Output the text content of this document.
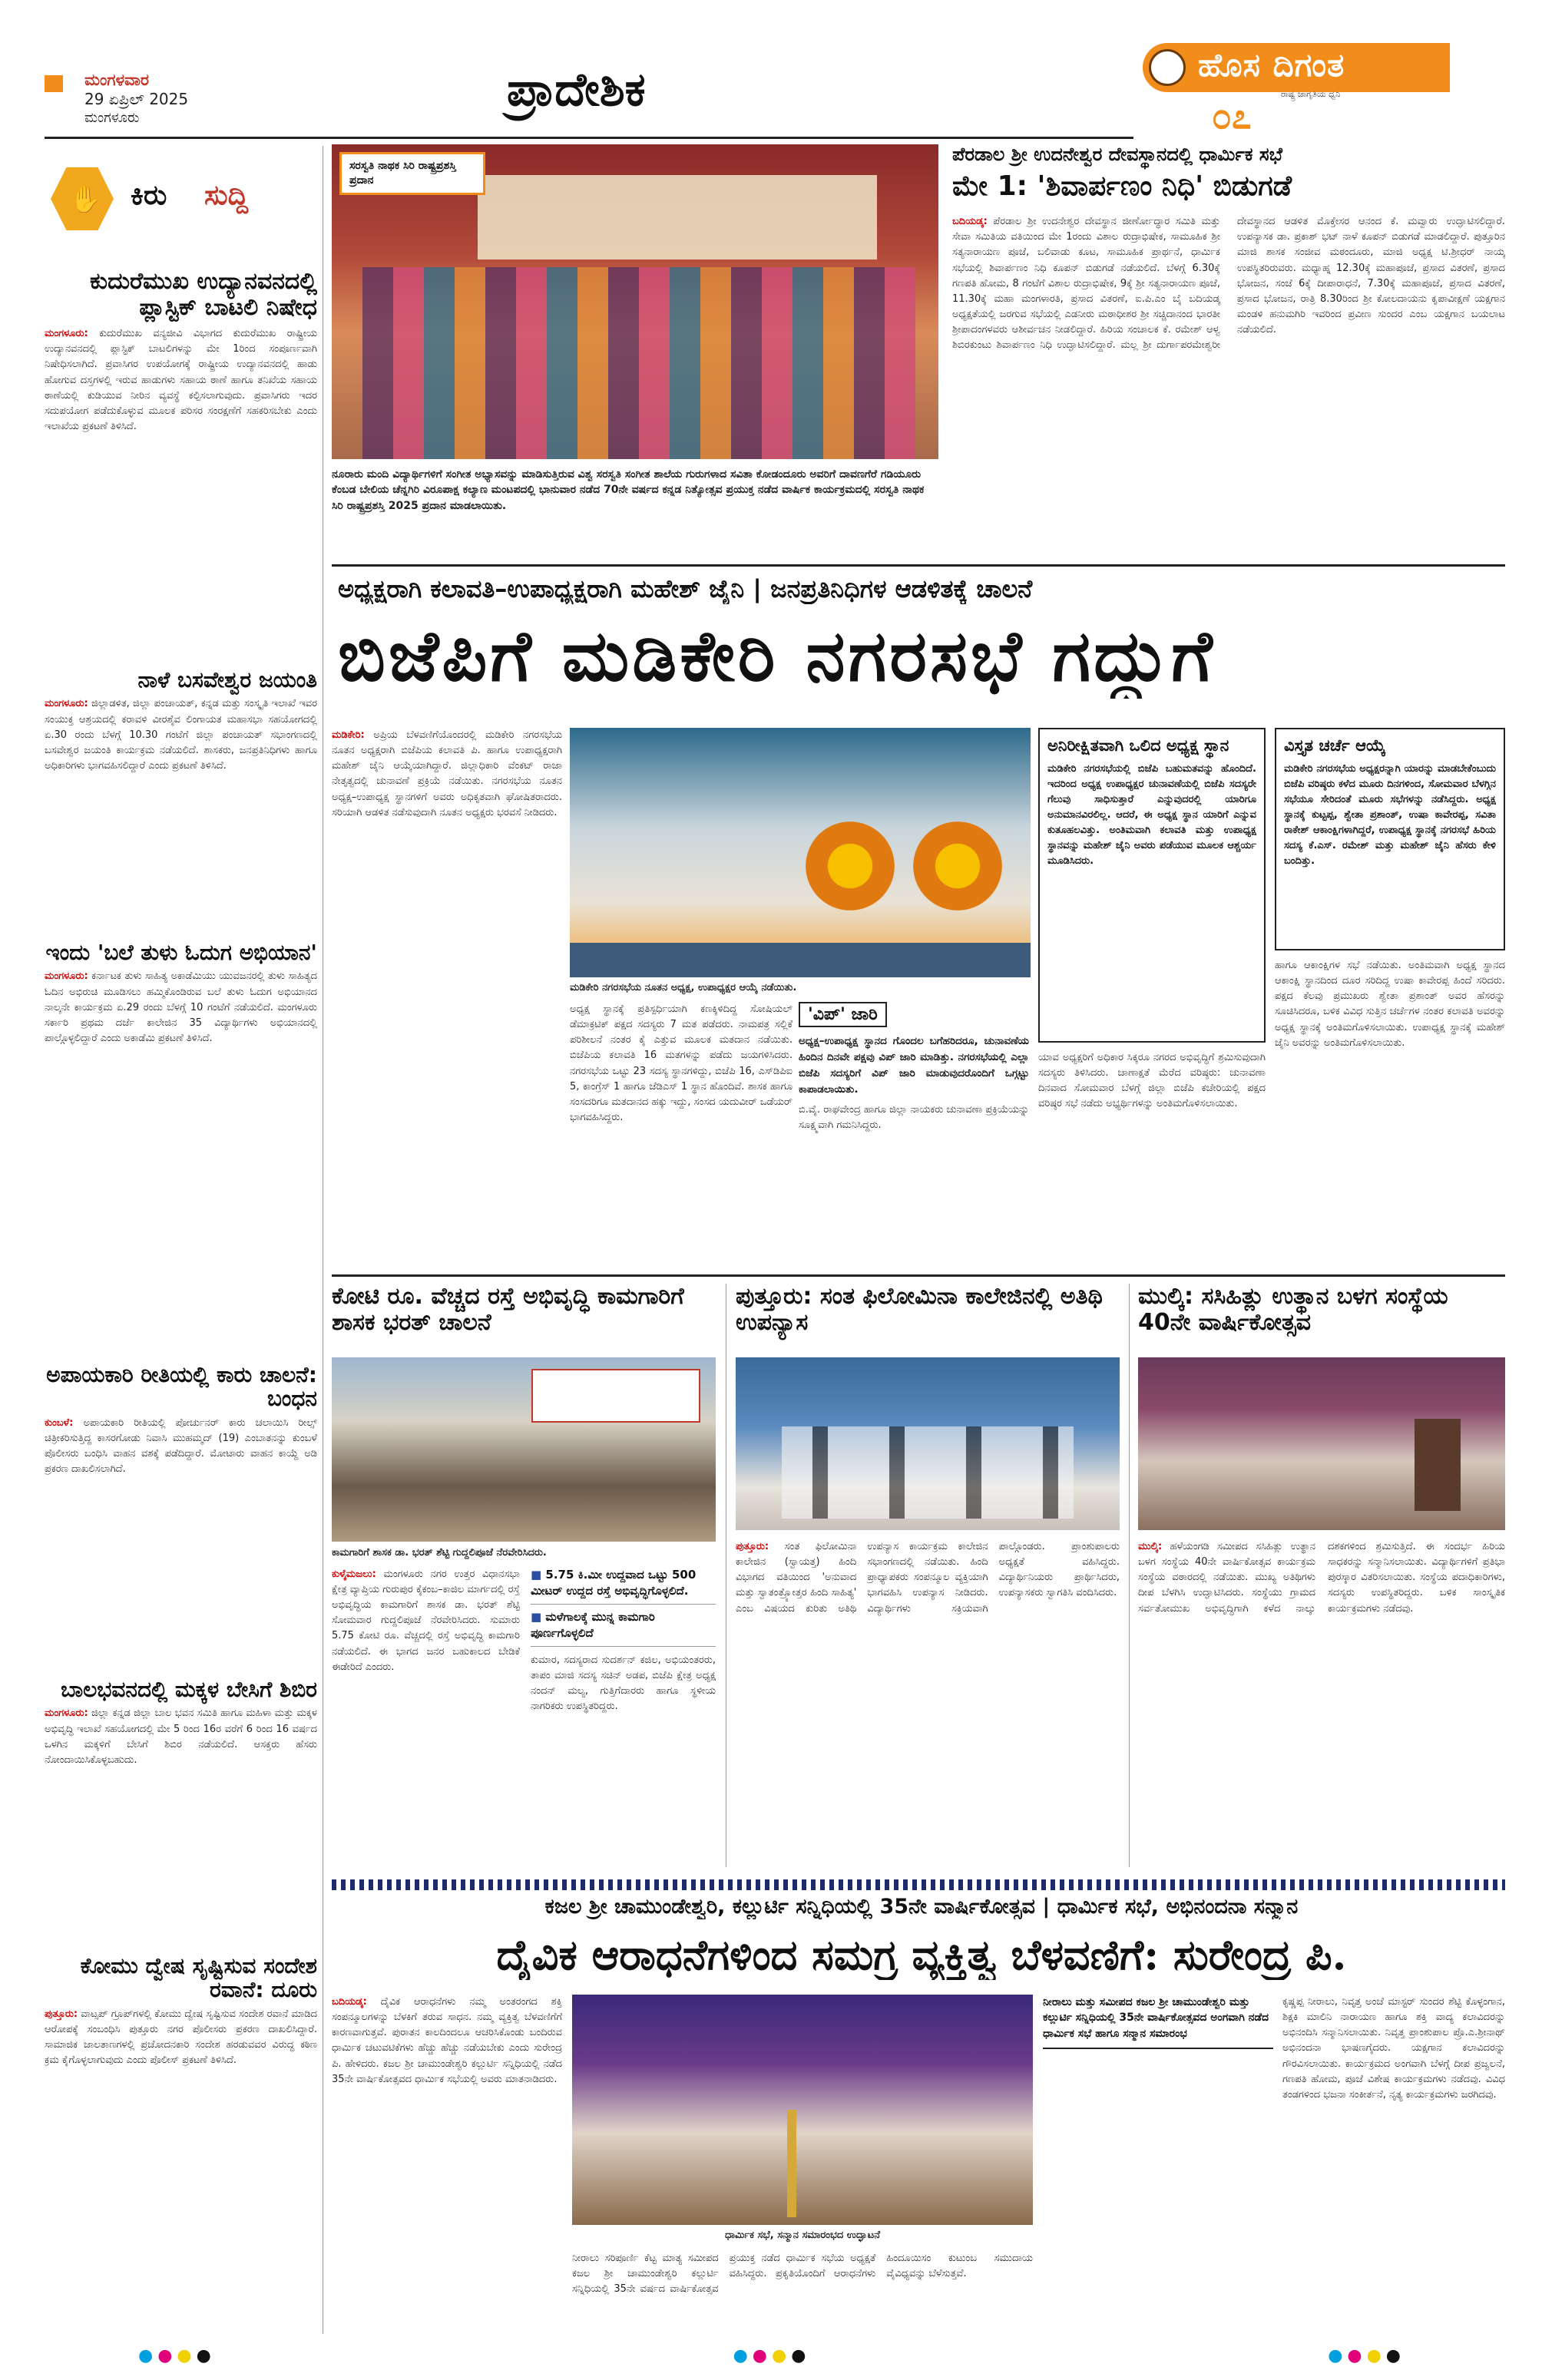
ಮಂಗಳವಾರ
29 ಏಪ್ರಿಲ್ 2025
ಮಂಗಳೂರು
ಪ್ರಾದೇಶಿಕ	ಹೊಸ ದಿಗಂತ
ರಾಷ್ಟ್ರ ಜಾಗೃತಿಯ ಧ್ವನಿ
೦೭
✋ ಕಿರು ಸುದ್ದಿ
ಕುದುರೆಮುಖ ಉದ್ಯಾನವನದಲ್ಲಿ ಪ್ಲಾಸ್ಟಿಕ್ ಬಾಟಲಿ ನಿಷೇಧ
ಮಂಗಳೂರು: ಕುದುರೆಮುಖ ವನ್ಯಜೀವಿ ವಿಭಾಗದ ಕುದುರೆಮುಖ ರಾಷ್ಟ್ರೀಯ ಉದ್ಯಾನವನದಲ್ಲಿ ಪ್ಲಾಸ್ಟಿಕ್ ಬಾಟಲಿಗಳನ್ನು ಮೇ 1ರಿಂದ ಸಂಪೂರ್ಣವಾಗಿ ನಿಷೇಧಿಸಲಾಗಿದೆ. ಪ್ರವಾಸಿಗರ ಉಪಯೋಗಕ್ಕೆ ರಾಷ್ಟ್ರೀಯ ಉದ್ಯಾನವನದಲ್ಲಿ ಹಾಡು ಹೋಗುವ ದಸ್ತಗಳಲ್ಲಿ ಇರುವ ಹಾಡುಗಳು ಸಹಾಯ ಠಾಣೆ ಹಾಗೂ ತನಿಖೆಯ ಸಹಾಯ ಠಾಣೆಯಲ್ಲಿ ಕುಡಿಯುವ ನೀರಿನ ವ್ಯವಸ್ಥೆ ಕಲ್ಪಿಸಲಾಗುವುದು. ಪ್ರವಾಸಿಗರು ಇದರ ಸದುಪಯೋಗ ಪಡೆದುಕೊಳ್ಳುವ ಮೂಲಕ ಪರಿಸರ ಸಂರಕ್ಷಣೆಗೆ ಸಹಕರಿಸಬೇಕು ಎಂದು ಇಲಾಖೆಯ ಪ್ರಕಟಣೆ ತಿಳಿಸಿದೆ.
ನಾಳೆ ಬಸವೇಶ್ವರ ಜಯಂತಿ
ಮಂಗಳೂರು: ಜಿಲ್ಲಾಡಳಿತ, ಜಿಲ್ಲಾ ಪಂಚಾಯತ್, ಕನ್ನಡ ಮತ್ತು ಸಂಸ್ಕೃತಿ ಇಲಾಖೆ ಇವರ ಸಂಯುಕ್ತ ಆಶ್ರಯದಲ್ಲಿ ಕರಾವಳಿ ವೀರಶೈವ ಲಿಂಗಾಯತ ಮಹಾಸಭಾ ಸಹಯೋಗದಲ್ಲಿ ಏ.30 ರಂದು ಬೆಳಗ್ಗೆ 10.30 ಗಂಟೆಗೆ ಜಿಲ್ಲಾ ಪಂಚಾಯತ್ ಸಭಾಂಗಣದಲ್ಲಿ ಬಸವೇಶ್ವರ ಜಯಂತಿ ಕಾರ್ಯಕ್ರಮ ನಡೆಯಲಿದೆ. ಶಾಸಕರು, ಜನಪ್ರತಿನಿಧಿಗಳು ಹಾಗೂ ಅಧಿಕಾರಿಗಳು ಭಾಗವಹಿಸಲಿದ್ದಾರೆ ಎಂದು ಪ್ರಕಟಣೆ ತಿಳಿಸಿದೆ.
ಇಂದು 'ಬಲೆ ತುಳು ಓದುಗ ಅಭಿಯಾನ'
ಮಂಗಳೂರು: ಕರ್ನಾಟಕ ತುಳು ಸಾಹಿತ್ಯ ಅಕಾಡೆಮಿಯು ಯುವಜನರಲ್ಲಿ ತುಳು ಸಾಹಿತ್ಯದ ಓದಿನ ಅಭಿರುಚಿ ಮೂಡಿಸಲು ಹಮ್ಮಿಕೊಂಡಿರುವ ಬಲೆ ತುಳು ಓದುಗ ಅಭಿಯಾನದ ನಾಲ್ಕನೇ ಕಾರ್ಯಕ್ರಮ ಏ.29 ರಂದು ಬೆಳಗ್ಗೆ 10 ಗಂಟೆಗೆ ನಡೆಯಲಿದೆ. ಮಂಗಳೂರು ಸರ್ಕಾರಿ ಪ್ರಥಮ ದರ್ಜೆ ಕಾಲೇಜಿನ 35 ವಿದ್ಯಾರ್ಥಿಗಳು ಅಭಿಯಾನದಲ್ಲಿ ಪಾಲ್ಗೊಳ್ಳಲಿದ್ದಾರೆ ಎಂದು ಅಕಾಡೆಮಿ ಪ್ರಕಟಣೆ ತಿಳಿಸಿದೆ.
ಅಪಾಯಕಾರಿ ರೀತಿಯಲ್ಲಿ ಕಾರು ಚಾಲನೆ: ಬಂಧನ
ಕುಂಬಳೆ: ಅಪಾಯಕಾರಿ ರೀತಿಯಲ್ಲಿ ಪೋರ್ಚುನರ್ ಕಾರು ಚಲಾಯಿಸಿ ರೀಲ್ಸ್ ಚಿತ್ರೀಕರಿಸುತ್ತಿದ್ದ ಕಾಸರಗೋಡು ನಿವಾಸಿ ಮುಹಮ್ಮದ್ (19) ಎಂಬಾತನನ್ನು ಕುಂಬಳೆ ಪೊಲೀಸರು ಬಂಧಿಸಿ ವಾಹನ ವಶಕ್ಕೆ ಪಡೆದಿದ್ದಾರೆ. ಮೋಟಾರು ವಾಹನ ಕಾಯ್ದೆ ಅಡಿ ಪ್ರಕರಣ ದಾಖಲಿಸಲಾಗಿದೆ.
ಬಾಲಭವನದಲ್ಲಿ ಮಕ್ಕಳ ಬೇಸಿಗೆ ಶಿಬಿರ
ಮಂಗಳೂರು: ಜಿಲ್ಲಾ ಕನ್ನಡ ಜಿಲ್ಲಾ ಬಾಲ ಭವನ ಸಮಿತಿ ಹಾಗೂ ಮಹಿಳಾ ಮತ್ತು ಮಕ್ಕಳ ಅಭಿವೃದ್ಧಿ ಇಲಾಖೆ ಸಹಯೋಗದಲ್ಲಿ ಮೇ 5 ರಿಂದ 16ರ ವರೆಗೆ 6 ರಿಂದ 16 ವರ್ಷದ ಒಳಗಿನ ಮಕ್ಕಳಿಗೆ ಬೇಸಿಗೆ ಶಿಬಿರ ನಡೆಯಲಿದೆ. ಆಸಕ್ತರು ಹೆಸರು ನೋಂದಾಯಿಸಿಕೊಳ್ಳಬಹುದು.
ಕೋಮು ದ್ವೇಷ ಸೃಷ್ಟಿಸುವ ಸಂದೇಶ ರವಾನೆ: ದೂರು
ಪುತ್ತೂರು: ವಾಟ್ಸಪ್ ಗ್ರೂಪ್‌ಗಳಲ್ಲಿ ಕೋಮು ದ್ವೇಷ ಸೃಷ್ಟಿಸುವ ಸಂದೇಶ ರವಾನೆ ಮಾಡಿದ ಆರೋಪಕ್ಕೆ ಸಂಬಂಧಿಸಿ ಪುತ್ತೂರು ನಗರ ಪೊಲೀಸರು ಪ್ರಕರಣ ದಾಖಲಿಸಿದ್ದಾರೆ. ಸಾಮಾಜಿಕ ಜಾಲತಾಣಗಳಲ್ಲಿ ಪ್ರಚೋದನಕಾರಿ ಸಂದೇಶ ಹರಡುವವರ ವಿರುದ್ಧ ಕಠಿಣ ಕ್ರಮ ಕೈಗೊಳ್ಳಲಾಗುವುದು ಎಂದು ಪೊಲೀಸ್ ಪ್ರಕಟಣೆ ತಿಳಿಸಿದೆ.
ಸರಸ್ವತಿ ನಾಥಕ ಸಿರಿ ರಾಷ್ಟ್ರಪ್ರಶಸ್ತಿ ಪ್ರದಾನ
ನೂರಾರು ಮಂದಿ ವಿದ್ಯಾರ್ಥಿಗಳಿಗೆ ಸಂಗೀತ ಅಭ್ಯಾಸವನ್ನು ಮಾಡಿಸುತ್ತಿರುವ ವಿಶ್ವ ಸರಸ್ವತಿ ಸಂಗೀತ ಶಾಲೆಯ ಗುರುಗಳಾದ ಸವಿತಾ ಕೋಡಂದೂರು ಅವರಿಗೆ ದಾವಣಗೆರೆ ಗಡಿಯೂರು ಕೆಂಬಡ ಬೇಲಿಯ ಚೆನ್ನಗಿರಿ ವಿರೂಪಾಕ್ಷ ಕಲ್ಯಾಣ ಮಂಟಪದಲ್ಲಿ ಭಾನುವಾರ ನಡೆದ 70ನೇ ವರ್ಷದ ಕನ್ನಡ ನಿತ್ಯೋತ್ಸವ ಪ್ರಯುಕ್ತ ನಡೆದ ವಾರ್ಷಿಕ ಕಾರ್ಯಕ್ರಮದಲ್ಲಿ ಸರಸ್ವತಿ ನಾಥಕ ಸಿರಿ ರಾಷ್ಟ್ರಪ್ರಶಸ್ತಿ 2025 ಪ್ರದಾನ ಮಾಡಲಾಯಿತು.
ಪೆರಡಾಲ ಶ್ರೀ ಉದನೇಶ್ವರ ದೇವಸ್ಥಾನದಲ್ಲಿ ಧಾರ್ಮಿಕ ಸಭೆ
ಮೇ 1: 'ಶಿವಾರ್ಪಣಂ ನಿಧಿ' ಬಿಡುಗಡೆ
ಬದಿಯಡ್ಕ: ಪೆರಡಾಲ ಶ್ರೀ ಉದನೇಶ್ವರ ದೇವಸ್ಥಾನ ಜೀರ್ಣೋದ್ಧಾರ ಸಮಿತಿ ಮತ್ತು ಸೇವಾ ಸಮಿತಿಯ ವತಿಯಿಂದ ಮೇ 1ರಂದು ವಿಶಾಲ ರುದ್ರಾಭಿಷೇಕ, ಸಾಮೂಹಿಕ ಶ್ರೀ ಸತ್ಯನಾರಾಯಣ ಪೂಜೆ, ಬಲಿವಾಡು ಕೂಟ, ಸಾಮೂಹಿಕ ಪ್ರಾರ್ಥನೆ, ಧಾರ್ಮಿಕ ಸಭೆಯಲ್ಲಿ ಶಿವಾರ್ಪಣಂ ನಿಧಿ ಕೂಪನ್ ಬಿಡುಗಡೆ ನಡೆಯಲಿದೆ. ಬೆಳಗ್ಗೆ 6.30ಕ್ಕೆ ಗಣಪತಿ ಹೋಮ, 8 ಗಂಟೆಗೆ ವಿಶಾಲ ರುದ್ರಾಭಿಷೇಕ, 9ಕ್ಕೆ ಶ್ರೀ ಸತ್ಯನಾರಾಯಣ ಪೂಜೆ, 11.30ಕ್ಕೆ ಮಹಾ ಮಂಗಳಾರತಿ, ಪ್ರಸಾದ ವಿತರಣೆ, ಐ.ಪಿ.ಎಂ ಬೈ ಬದಿಯಡ್ಕ ಅಧ್ಯಕ್ಷತೆಯಲ್ಲಿ ಜರಗುವ ಸಭೆಯಲ್ಲಿ ಎಡನೀರು ಮಠಾಧೀಶರ ಶ್ರೀ ಸಚ್ಚಿದಾನಂದ ಭಾರತೀ ಶ್ರೀಪಾದಂಗಳವರು ಆಶೀರ್ವಚನ ನೀಡಲಿದ್ದಾರೆ. ಹಿರಿಯ ಸಂಚಾಲಕ ಕೆ. ರಮೇಶ್ ಆಳ್ವ ಶಿಬಿರಕುಂಟು ಶಿವಾರ್ಪಣಂ ನಿಧಿ ಉದ್ಘಾಟಿಸಲಿದ್ದಾರೆ. ಮಲ್ಲ ಶ್ರೀ ದುರ್ಗಾಪರಮೇಶ್ವರೀ ದೇವಸ್ಥಾನದ ಆಡಳಿತ ಮೊಕ್ತೇಸರ ಆನಂದ ಕೆ. ಮವ್ವಾರು ಉದ್ಘಾಟಿಸಲಿದ್ದಾರೆ. ಉಪನ್ಯಾಸಕ ಡಾ. ಪ್ರಕಾಶ್ ಭಟ್ ನಾಳೆ ಕೂಪನ್ ಬಿಡುಗಡೆ ಮಾಡಲಿದ್ದಾರೆ. ಪುತ್ತೂರಿನ ಮಾಜಿ ಶಾಸಕ ಸಂಜೀವ ಮಠಂದೂರು, ಮಾಜಿ ಅಧ್ಯಕ್ಷ ಟಿ.ಶ್ರೀಧರ್ ನಾಯ್ಕ ಉಪಸ್ಥಿತರಿರುವರು. ಮಧ್ಯಾಹ್ನ 12.30ಕ್ಕೆ ಮಹಾಪೂಜೆ, ಪ್ರಸಾದ ವಿತರಣೆ, ಪ್ರಸಾದ ಭೋಜನ, ಸಂಜೆ 6ಕ್ಕೆ ದೀಪಾರಾಧನೆ, 7.30ಕ್ಕೆ ಮಹಾಪೂಜೆ, ಪ್ರಸಾದ ವಿತರಣೆ, ಪ್ರಸಾದ ಭೋಜನ, ರಾತ್ರಿ 8.30ರಿಂದ ಶ್ರೀ ಕೋಲದಾಯನು ಕೃಪಾವೀಕ್ಷಣೆ ಯಕ್ಷಗಾನ ಮಂಡಳಿ ಹನುಮಗಿರಿ ಇವರಿಂದ ಪ್ರವೀಣ ಸುಂದರ ಎಂಬ ಯಕ್ಷಗಾನ ಬಯಲಾಟ ನಡೆಯಲಿದೆ.
ಅಧ್ಯಕ್ಷರಾಗಿ ಕಲಾವತಿ–ಉಪಾಧ್ಯಕ್ಷರಾಗಿ ಮಹೇಶ್ ಜೈನಿ | ಜನಪ್ರತಿನಿಧಿಗಳ ಆಡಳಿತಕ್ಕೆ ಚಾಲನೆ
ಬಿಜೆಪಿಗೆ ಮಡಿಕೇರಿ ನಗರಸಭೆ ಗದ್ದುಗೆ
ಮಡಿಕೇರಿ: ಅಪ್ರಿಯ ಬೆಳವಣಿಗೆಯೊಂದರಲ್ಲಿ ಮಡಿಕೇರಿ ನಗರಸಭೆಯ ನೂತನ ಅಧ್ಯಕ್ಷರಾಗಿ ಬಿಜೆಪಿಯ ಕಲಾವತಿ ಪಿ. ಹಾಗೂ ಉಪಾಧ್ಯಕ್ಷರಾಗಿ ಮಹೇಶ್ ಜೈನಿ ಆಯ್ಕೆಯಾಗಿದ್ದಾರೆ. ಜಿಲ್ಲಾಧಿಕಾರಿ ವೆಂಕಟ್ ರಾಜಾ ನೇತೃತ್ವದಲ್ಲಿ ಚುನಾವಣೆ ಪ್ರಕ್ರಿಯೆ ನಡೆಯಿತು. ನಗರಸಭೆಯ ನೂತನ ಅಧ್ಯಕ್ಷ–ಉಪಾಧ್ಯಕ್ಷ ಸ್ಥಾನಗಳಿಗೆ ಅವರು ಅಧಿಕೃತವಾಗಿ ಘೋಷಿತರಾದರು. ಸರಿಯಾಗಿ ಆಡಳಿತ ನಡೆಸುವುದಾಗಿ ನೂತನ ಅಧ್ಯಕ್ಷರು ಭರವಸೆ ನೀಡಿದರು.
ಮಡಿಕೇರಿ ನಗರಸಭೆಯ ನೂತನ ಅಧ್ಯಕ್ಷ, ಉಪಾಧ್ಯಕ್ಷರ ಆಯ್ಕೆ ನಡೆಯಿತು.
ಅಧ್ಯಕ್ಷ ಸ್ಥಾನಕ್ಕೆ ಪ್ರತಿಸ್ಪರ್ಧಿಯಾಗಿ ಕಣಕ್ಕಿಳಿದಿದ್ದ ಸೋಷಿಯಲ್ ಡೆಮಾಕ್ರಟಿಕ್ ಪಕ್ಷದ ಸದಸ್ಯರು 7 ಮತ ಪಡೆದರು. ನಾಮಪತ್ರ ಸಲ್ಲಿಕೆ ಪರಿಶೀಲನೆ ನಂತರ ಕೈ ಎತ್ತುವ ಮೂಲಕ ಮತದಾನ ನಡೆಯಿತು. ಬಿಜೆಪಿಯ ಕಲಾವತಿ 16 ಮತಗಳನ್ನು ಪಡೆದು ಜಯಗಳಿಸಿದರು. ನಗರಸಭೆಯ ಒಟ್ಟು 23 ಸದಸ್ಯ ಸ್ಥಾನಗಳಿದ್ದು, ಬಿಜೆಪಿ 16, ಎಸ್‌ಡಿಪಿಐ 5, ಕಾಂಗ್ರೆಸ್ 1 ಹಾಗೂ ಜೆಡಿಎಸ್ 1 ಸ್ಥಾನ ಹೊಂದಿವೆ. ಶಾಸಕ ಹಾಗೂ ಸಂಸದರಿಗೂ ಮತದಾನದ ಹಕ್ಕು ಇದ್ದು, ಸಂಸದ ಯದುವೀರ್ ಒಡೆಯರ್ ಭಾಗವಹಿಸಿದ್ದರು.
'ವಿಪ್' ಜಾರಿ
ಅಧ್ಯಕ್ಷ–ಉಪಾಧ್ಯಕ್ಷ ಸ್ಥಾನದ ಗೊಂದಲ ಬಗೆಹರಿದರೂ, ಚುನಾವಣೆಯ ಹಿಂದಿನ ದಿನವೇ ಪಕ್ಷವು ವಿಪ್ ಜಾರಿ ಮಾಡಿತ್ತು. ನಗರಸಭೆಯಲ್ಲಿ ಎಲ್ಲಾ ಬಿಜೆಪಿ ಸದಸ್ಯರಿಗೆ ವಿಪ್ ಜಾರಿ ಮಾಡುವುದರೊಂದಿಗೆ ಒಗ್ಗಟ್ಟು ಕಾಪಾಡಲಾಯಿತು.
ಬಿ.ವೈ. ರಾಘವೇಂದ್ರ ಹಾಗೂ ಜಿಲ್ಲಾ ನಾಯಕರು ಚುನಾವಣಾ ಪ್ರಕ್ರಿಯೆಯನ್ನು ಸೂಕ್ಷ್ಮವಾಗಿ ಗಮನಿಸಿದ್ದರು.
ಅನಿರೀಕ್ಷಿತವಾಗಿ ಒಲಿದ ಅಧ್ಯಕ್ಷ ಸ್ಥಾನ
ಮಡಿಕೇರಿ ನಗರಸಭೆಯಲ್ಲಿ ಬಿಜೆಪಿ ಬಹುಮತವನ್ನು ಹೊಂದಿದೆ. ಇದರಿಂದ ಅಧ್ಯಕ್ಷ ಉಪಾಧ್ಯಕ್ಷರ ಚುನಾವಣೆಯಲ್ಲಿ ಬಿಜೆಪಿ ಸದಸ್ಯರೇ ಗೆಲುವು ಸಾಧಿಸುತ್ತಾರೆ ಎನ್ನುವುದರಲ್ಲಿ ಯಾರಿಗೂ ಅನುಮಾನವಿರಲಿಲ್ಲ. ಆದರೆ, ಈ ಅಧ್ಯಕ್ಷ ಸ್ಥಾನ ಯಾರಿಗೆ ಎನ್ನುವ ಕುತೂಹಲವಿತ್ತು. ಅಂತಿಮವಾಗಿ ಕಲಾವತಿ ಮತ್ತು ಉಪಾಧ್ಯಕ್ಷ ಸ್ಥಾನವನ್ನು ಮಹೇಶ್ ಜೈನಿ ಅವರು ಪಡೆಯುವ ಮೂಲಕ ಆಶ್ಚರ್ಯ ಮೂಡಿಸಿದರು.
ಯಾವ ಅಧ್ಯಕ್ಷರಿಗೆ ಅಧಿಕಾರ ಸಿಕ್ಕರೂ ನಗರದ ಅಭಿವೃದ್ಧಿಗೆ ಶ್ರಮಿಸುವುದಾಗಿ ಸದಸ್ಯರು ತಿಳಿಸಿದರು. ಚಾಣಾಕ್ಷತೆ ಮೆರೆದ ವರಿಷ್ಠರು: ಚುನಾವಣಾ ದಿನವಾದ ಸೋಮವಾರ ಬೆಳಗ್ಗೆ ಜಿಲ್ಲಾ ಬಿಜೆಪಿ ಕಚೇರಿಯಲ್ಲಿ ಪಕ್ಷದ ವರಿಷ್ಠರ ಸಭೆ ನಡೆದು ಅಭ್ಯರ್ಥಿಗಳನ್ನು ಅಂತಿಮಗೊಳಿಸಲಾಯಿತು.
ವಿಸ್ತೃತ ಚರ್ಚೆ ಆಯ್ಕೆ
ಮಡಿಕೇರಿ ನಗರಸಭೆಯ ಅಧ್ಯಕ್ಷರನ್ನಾಗಿ ಯಾರನ್ನು ಮಾಡಬೇಕೆಂಬುದು ಬಿಜೆಪಿ ವರಿಷ್ಠರು ಕಳೆದ ಮೂರು ದಿನಗಳಿಂದ, ಸೋಮವಾರ ಬೆಳಗ್ಗಿನ ಸಭೆಯೂ ಸೇರಿದಂತೆ ಮೂರು ಸಭೆಗಳನ್ನು ನಡೆಸಿದ್ದರು. ಅಧ್ಯಕ್ಷ ಸ್ಥಾನಕ್ಕೆ ಕುಟ್ಟಪ್ಪ, ಶ್ವೇತಾ ಪ್ರಶಾಂತ್, ಉಷಾ ಕಾವೇರಪ್ಪ, ಸವಿತಾ ರಾಕೇಶ್ ಆಕಾಂಕ್ಷಿಗಳಾಗಿದ್ದರೆ, ಉಪಾಧ್ಯಕ್ಷ ಸ್ಥಾನಕ್ಕೆ ನಗರಸಭೆ ಹಿರಿಯ ಸದಸ್ಯ ಕೆ.ಎಸ್. ರಮೇಶ್ ಮತ್ತು ಮಹೇಶ್ ಜೈನಿ ಹೆಸರು ಕೇಳಿ ಬಂದಿತ್ತು.
ಹಾಗೂ ಆಕಾಂಕ್ಷಿಗಳ ಸಭೆ ನಡೆಯಿತು. ಅಂತಿಮವಾಗಿ ಅಧ್ಯಕ್ಷ ಸ್ಥಾನದ ಆಕಾಂಕ್ಷಿ ಸ್ಥಾನದಿಂದ ದೂರ ಸರಿದಿದ್ದ ಉಷಾ ಕಾವೇರಪ್ಪ ಹಿಂದೆ ಸರಿದರು. ಪಕ್ಷದ ಕೆಲವು ಪ್ರಮುಖರು ಶ್ವೇತಾ ಪ್ರಶಾಂತ್ ಅವರ ಹೆಸರನ್ನು ಸೂಚಿಸಿದರೂ, ಬಳಿಕ ವಿವಿಧ ಸುತ್ತಿನ ಚರ್ಚೆಗಳ ನಂತರ ಕಲಾವತಿ ಅವರನ್ನು ಅಧ್ಯಕ್ಷ ಸ್ಥಾನಕ್ಕೆ ಅಂತಿಮಗೊಳಿಸಲಾಯಿತು. ಉಪಾಧ್ಯಕ್ಷ ಸ್ಥಾನಕ್ಕೆ ಮಹೇಶ್ ಜೈನಿ ಅವರನ್ನು ಅಂತಿಮಗೊಳಿಸಲಾಯಿತು.
ಕೋಟಿ ರೂ. ವೆಚ್ಚದ ರಸ್ತೆ ಅಭಿವೃದ್ಧಿ ಕಾಮಗಾರಿಗೆ ಶಾಸಕ ಭರತ್ ಚಾಲನೆ
ಕಾಮಗಾರಿಗೆ ಶಾಸಕ ಡಾ. ಭರತ್ ಶೆಟ್ಟಿ ಗುದ್ದಲಿಪೂಜೆ ನೆರವೇರಿಸಿದರು.
ಕುಳೈಮಜಲು: ಮಂಗಳೂರು ನಗರ ಉತ್ತರ ವಿಧಾನಸಭಾ ಕ್ಷೇತ್ರ ವ್ಯಾಪ್ತಿಯ ಗುರುಪುರ ಕೈಕಂಬ–ಕಾಜಿಲ ಮಾರ್ಗದಲ್ಲಿ ರಸ್ತೆ ಅಭಿವೃದ್ಧಿಯ ಕಾಮಗಾರಿಗೆ ಶಾಸಕ ಡಾ. ಭರತ್ ಶೆಟ್ಟಿ ಸೋಮವಾರ ಗುದ್ದಲಿಪೂಜೆ ನೆರವೇರಿಸಿದರು. ಸುಮಾರು 5.75 ಕೋಟಿ ರೂ. ವೆಚ್ಚದಲ್ಲಿ ರಸ್ತೆ ಅಭಿವೃದ್ಧಿ ಕಾಮಗಾರಿ ನಡೆಯಲಿದೆ. ಈ ಭಾಗದ ಜನರ ಬಹುಕಾಲದ ಬೇಡಿಕೆ ಈಡೇರಿದೆ ಎಂದರು.
■ 5.75 ಕಿ.ಮೀ ಉದ್ದವಾದ ಒಟ್ಟು 500 ಮೀಟರ್ ಉದ್ದದ ರಸ್ತೆ ಅಭಿವೃದ್ಧಿಗೊಳ್ಳಲಿದೆ.
■ ಮಳೆಗಾಲಕ್ಕೆ ಮುನ್ನ ಕಾಮಗಾರಿ ಪೂರ್ಣಗೊಳ್ಳಲಿದೆ
ಕುಮಾರ, ಸದಸ್ಯರಾದ ಸುದರ್ಶನ್ ಕಜಿಲ, ಅಭಿಯಂತರರು, ತಾಪಂ ಮಾಜಿ ಸದಸ್ಯ ಸಚಿನ್ ಅಡಪ, ಬಿಜೆಪಿ ಕ್ಷೇತ್ರ ಅಧ್ಯಕ್ಷ ನಂದನ್ ಮಲ್ಯ, ಗುತ್ತಿಗೆದಾರರು ಹಾಗೂ ಸ್ಥಳೀಯ ನಾಗರಿಕರು ಉಪಸ್ಥಿತರಿದ್ದರು.
ಪುತ್ತೂರು: ಸಂತ ಫಿಲೋಮಿನಾ ಕಾಲೇಜಿನಲ್ಲಿ ಅತಿಥಿ ಉಪನ್ಯಾಸ
ಪುತ್ತೂರು: ಸಂತ ಫಿಲೋಮಿನಾ ಕಾಲೇಜಿನ (ಸ್ವಾಯತ್ತ) ಹಿಂದಿ ವಿಭಾಗದ ವತಿಯಿಂದ 'ಅನುವಾದ ಮತ್ತು ಸ್ವಾತಂತ್ರ್ಯೋತ್ತರ ಹಿಂದಿ ಸಾಹಿತ್ಯ' ಎಂಬ ವಿಷಯದ ಕುರಿತು ಅತಿಥಿ ಉಪನ್ಯಾಸ ಕಾರ್ಯಕ್ರಮ ಕಾಲೇಜಿನ ಸಭಾಂಗಣದಲ್ಲಿ ನಡೆಯಿತು. ಹಿಂದಿ ಪ್ರಾಧ್ಯಾಪಕರು ಸಂಪನ್ಮೂಲ ವ್ಯಕ್ತಿಯಾಗಿ ಭಾಗವಹಿಸಿ ಉಪನ್ಯಾಸ ನೀಡಿದರು. ವಿದ್ಯಾರ್ಥಿಗಳು ಸಕ್ರಿಯವಾಗಿ ಪಾಲ್ಗೊಂಡರು. ಪ್ರಾಂಶುಪಾಲರು ಅಧ್ಯಕ್ಷತೆ ವಹಿಸಿದ್ದರು. ವಿದ್ಯಾರ್ಥಿನಿಯರು ಪ್ರಾರ್ಥಿಸಿದರು, ಉಪನ್ಯಾಸಕರು ಸ್ವಾಗತಿಸಿ ವಂದಿಸಿದರು.
ಮುಲ್ಕಿ: ಸಸಿಹಿತ್ಲು ಉತ್ಥಾನ ಬಳಗ ಸಂಸ್ಥೆಯ 40ನೇ ವಾರ್ಷಿಕೋತ್ಸವ
ಮುಲ್ಕಿ: ಹಳೆಯಂಗಡಿ ಸಮೀಪದ ಸಸಿಹಿತ್ಲು ಉತ್ಥಾನ ಬಳಗ ಸಂಸ್ಥೆಯ 40ನೇ ವಾರ್ಷಿಕೋತ್ಸವ ಕಾರ್ಯಕ್ರಮ ಸಂಸ್ಥೆಯ ವಠಾರದಲ್ಲಿ ನಡೆಯಿತು. ಮುಖ್ಯ ಅತಿಥಿಗಳು ದೀಪ ಬೆಳಗಿಸಿ ಉದ್ಘಾಟಿಸಿದರು. ಸಂಸ್ಥೆಯು ಗ್ರಾಮದ ಸರ್ವತೋಮುಖ ಅಭಿವೃದ್ಧಿಗಾಗಿ ಕಳೆದ ನಾಲ್ಕು ದಶಕಗಳಿಂದ ಶ್ರಮಿಸುತ್ತಿದೆ. ಈ ಸಂದರ್ಭ ಹಿರಿಯ ಸಾಧಕರನ್ನು ಸನ್ಮಾನಿಸಲಾಯಿತು. ವಿದ್ಯಾರ್ಥಿಗಳಿಗೆ ಪ್ರತಿಭಾ ಪುರಸ್ಕಾರ ವಿತರಿಸಲಾಯಿತು. ಸಂಸ್ಥೆಯ ಪದಾಧಿಕಾರಿಗಳು, ಸದಸ್ಯರು ಉಪಸ್ಥಿತರಿದ್ದರು. ಬಳಿಕ ಸಾಂಸ್ಕೃತಿಕ ಕಾರ್ಯಕ್ರಮಗಳು ನಡೆದವು.
ಕಜಲ ಶ್ರೀ ಚಾಮುಂಡೇಶ್ವರಿ, ಕಲ್ಲುರ್ಟಿ ಸನ್ನಿಧಿಯಲ್ಲಿ 35ನೇ ವಾರ್ಷಿಕೋತ್ಸವ | ಧಾರ್ಮಿಕ ಸಭೆ, ಅಭಿನಂದನಾ ಸನ್ಮಾನ
ದೈವಿಕ ಆರಾಧನೆಗಳಿಂದ ಸಮಗ್ರ ವ್ಯಕ್ತಿತ್ವ ಬೆಳವಣಿಗೆ: ಸುರೇಂದ್ರ ಪಿ.
ಬದಿಯಡ್ಕ: ದೈವಿಕ ಆರಾಧನೆಗಳು ನಮ್ಮ ಅಂತರಂಗದ ಶಕ್ತಿ ಸಂಪನ್ಮೂಲಗಳನ್ನು ಬೆಳಕಿಗೆ ತರುವ ಸಾಧನ. ನಮ್ಮ ವ್ಯಕ್ತಿತ್ವ ಬೆಳವಣಿಗೆಗೆ ಕಾರಣವಾಗುತ್ತವೆ. ಪುರಾತನ ಕಾಲದಿಂದಲೂ ಆಚರಿಸಿಕೊಂಡು ಬಂದಿರುವ ಧಾರ್ಮಿಕ ಚಟುವಟಿಕೆಗಳು ಹೆಚ್ಚು ಹೆಚ್ಚು ನಡೆಯಬೇಕು ಎಂದು ಸುರೇಂದ್ರ ಪಿ. ಹೇಳಿದರು. ಕಜಲ ಶ್ರೀ ಚಾಮುಂಡೇಶ್ವರಿ ಕಲ್ಲುರ್ಟಿ ಸನ್ನಿಧಿಯಲ್ಲಿ ನಡೆದ 35ನೇ ವಾರ್ಷಿಕೋತ್ಸವದ ಧಾರ್ಮಿಕ ಸಭೆಯಲ್ಲಿ ಅವರು ಮಾತನಾಡಿದರು.
ಧಾರ್ಮಿಕ ಸಭೆ, ಸನ್ಮಾನ ಸಮಾರಂಭದ ಉದ್ಘಾಟನೆ
ನೀರಾಲು ಸರಿಪೂರ್ಣಿ ಕೆಟ್ಟ ಮಾತ್ಯ ಸಮೀಪದ ಕಜಲ ಶ್ರೀ ಚಾಮುಂಡೇಶ್ವರಿ ಕಲ್ಲುರ್ಟಿ ಸನ್ನಿಧಿಯಲ್ಲಿ 35ನೇ ವರ್ಷದ ವಾರ್ಷಿಕೋತ್ಸವ ಪ್ರಯುಕ್ತ ನಡೆದ ಧಾರ್ಮಿಕ ಸಭೆಯ ಅಧ್ಯಕ್ಷತೆ ವಹಿಸಿದ್ದರು. ಪ್ರಕೃತಿಯೊಂದಿಗೆ ಆರಾಧನೆಗಳು ಹಿಂದೂಯಿಸಂ ಕುಟುಂಬ ಸಮುದಾಯ ವೈವಿಧ್ಯವನ್ನು ಬೆಳೆಸುತ್ತವೆ.
ನೀರಾಲು ಮತ್ತು ಸಮೀಪದ ಕಜಲ ಶ್ರೀ ಚಾಮುಂಡೇಶ್ವರಿ ಮತ್ತು ಕಲ್ಲುರ್ಟಿ ಸನ್ನಿಧಿಯಲ್ಲಿ 35ನೇ ವಾರ್ಷಿಕೋತ್ಸವದ ಅಂಗವಾಗಿ ನಡೆದ ಧಾರ್ಮಿಕ ಸಭೆ ಹಾಗೂ ಸನ್ಮಾನ ಸಮಾರಂಭ
ಕೃಷ್ಣಪ್ಪ ನೀರಾಲು, ನಿವೃತ್ತ ಅಂಚೆ ಮಾಸ್ಟರ್ ಸುಂದರ ಶೆಟ್ಟಿ ಕೊಳ್ಳಂಗಾನ, ಶಿಕ್ಷಕಿ ಮಾಲಿನಿ ನಾರಾಯಣ ಹಾಗೂ ಶಕ್ತಿ ವಾದ್ಯ ಕಲಾವಿದರನ್ನು ಅಭಿನಂದಿಸಿ ಸನ್ಮಾನಿಸಲಾಯಿತು. ನಿವೃತ್ತ ಪ್ರಾಂಶುಪಾಲ ಪ್ರೊ.ಎ.ಶ್ರೀನಾಥ್ ಅಭಿನಂದನಾ ಭಾಷಣಗೈದರು. ಯಕ್ಷಗಾನ ಕಲಾವಿದರನ್ನು ಗೌರವಿಸಲಾಯಿತು. ಕಾರ್ಯಕ್ರಮದ ಅಂಗವಾಗಿ ಬೆಳಗ್ಗೆ ದೀಪ ಪ್ರಜ್ವಲನೆ, ಗಣಪತಿ ಹೋಮ, ಪೂಜೆ ವಿಶೇಷ ಕಾರ್ಯಕ್ರಮಗಳು ನಡೆದವು. ವಿವಿಧ ತಂಡಗಳಿಂದ ಭಜನಾ ಸಂಕೀರ್ತನೆ, ನೃತ್ಯ ಕಾರ್ಯಕ್ರಮಗಳು ಜರಗಿದವು.
●●●●	●●●●	●●●●
